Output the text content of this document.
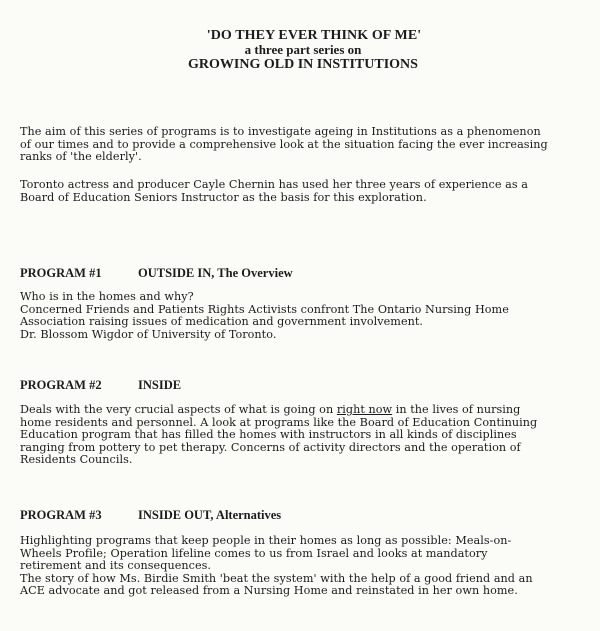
'DO THEY EVER THINK OF ME'
a three part series on
GROWING OLD IN INSTITUTIONS
The aim of this series of programs is to investigate ageing in Institutions as a phenomenon
of our times and to provide a comprehensive look at the situation facing the ever increasing
ranks of 'the elderly'.
Toronto actress and producer Cayle Chernin has used her three years of experience as a
Board of Education Seniors Instructor as the basis for this exploration.
PROGRAM #1	OUTSIDE IN, The Overview
Who is in the homes and why?
Concerned Friends and Patients Rights Activists confront The Ontario Nursing Home
Association raising issues of medication and government involvement.
Dr. Blossom Wigdor of University of Toronto.
PROGRAM #2	INSIDE
Deals with the very crucial aspects of what is going on right now in the lives of nursing
home residents and personnel. A look at programs like the Board of Education Continuing
Education program that has filled the homes with instructors in all kinds of disciplines
ranging from pottery to pet therapy. Concerns of activity directors and the operation of
Residents Councils.
PROGRAM #3	INSIDE OUT, Alternatives
Highlighting programs that keep people in their homes as long as possible: Meals-on-
Wheels Profile; Operation lifeline comes to us from Israel and looks at mandatory
retirement and its consequences.
The story of how Ms. Birdie Smith 'beat the system' with the help of a good friend and an
ACE advocate and got released from a Nursing Home and reinstated in her own home.
